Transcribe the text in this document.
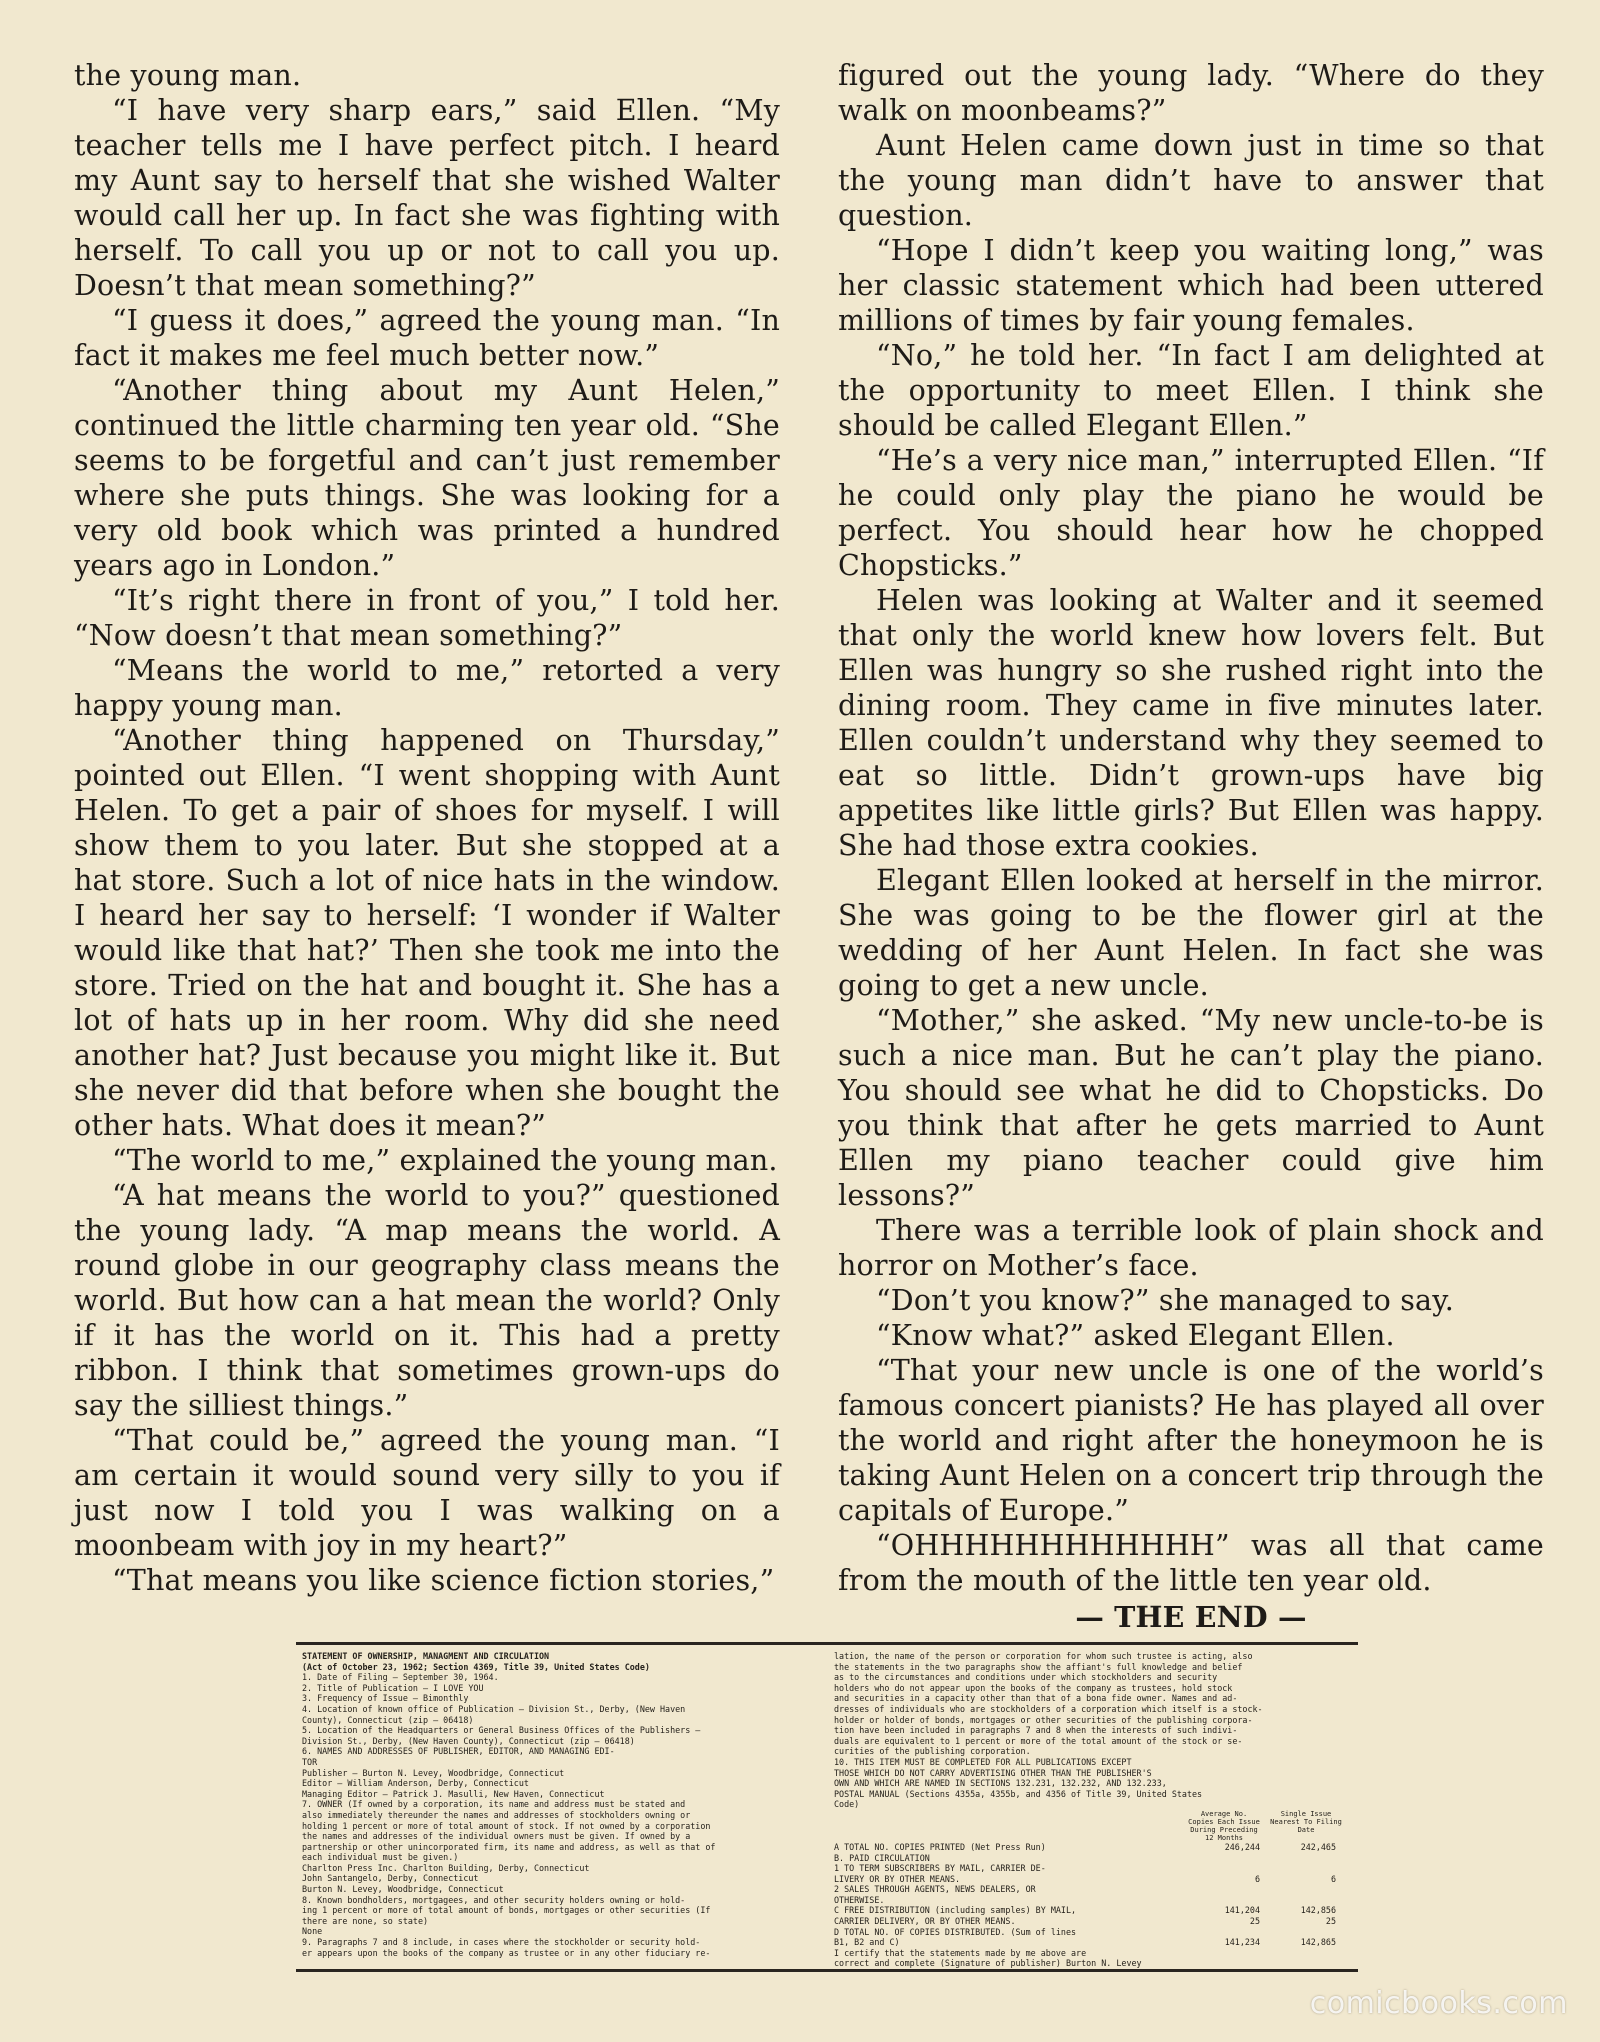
the young man.

“I have very sharp ears,” said Ellen. “My teacher tells me I have perfect pitch. I heard my Aunt say to herself that she wished Walter would call her up. In fact she was fighting with herself. To call you up or not to call you up. Doesn’t that mean something?”

“I guess it does,” agreed the young man. “In fact it makes me feel much better now.”

“Another thing about my Aunt Helen,” continued the little charming ten year old. “She seems to be forgetful and can’t just remember where she puts things. She was looking for a very old book which was printed a hundred years ago in London.”

“It’s right there in front of you,” I told her. “Now doesn’t that mean something?”

“Means the world to me,” retorted a very happy young man.

“Another thing happened on Thursday,” pointed out Ellen. “I went shopping with Aunt Helen. To get a pair of shoes for myself. I will show them to you later. But she stopped at a hat store. Such a lot of nice hats in the window. I heard her say to herself: ‘I wonder if Walter would like that hat?’ Then she took me into the store. Tried on the hat and bought it. She has a lot of hats up in her room. Why did she need another hat? Just because you might like it. But she never did that before when she bought the other hats. What does it mean?”

“The world to me,” explained the young man.

“A hat means the world to you?” questioned the young lady. “A map means the world. A round globe in our geography class means the world. But how can a hat mean the world? Only if it has the world on it. This had a pretty ribbon. I think that sometimes grown-ups do say the silliest things.”

“That could be,” agreed the young man. “I am certain it would sound very silly to you if just now I told you I was walking on a moonbeam with joy in my heart?”

“That means you like science fiction stories,”

figured out the young lady. “Where do they walk on moonbeams?”

Aunt Helen came down just in time so that the young man didn’t have to answer that question.

“Hope I didn’t keep you waiting long,” was her classic statement which had been uttered millions of times by fair young females.

“No,” he told her. “In fact I am delighted at the opportunity to meet Ellen. I think she should be called Elegant Ellen.”

“He’s a very nice man,” interrupted Ellen. “If he could only play the piano he would be perfect. You should hear how he chopped Chopsticks.”

Helen was looking at Walter and it seemed that only the world knew how lovers felt. But Ellen was hungry so she rushed right into the dining room. They came in five minutes later. Ellen couldn’t understand why they seemed to eat so little. Didn’t grown-ups have big appetites like little girls? But Ellen was happy. She had those extra cookies.

Elegant Ellen looked at herself in the mirror. She was going to be the flower girl at the wedding of her Aunt Helen. In fact she was going to get a new uncle.

“Mother,” she asked. “My new uncle-to-be is such a nice man. But he can’t play the piano. You should see what he did to Chopsticks. Do you think that after he gets married to Aunt Ellen my piano teacher could give him lessons?”

There was a terrible look of plain shock and horror on Mother’s face.

“Don’t you know?” she managed to say.

“Know what?” asked Elegant Ellen.

“That your new uncle is one of the world’s famous concert pianists? He has played all over the world and right after the honeymoon he is taking Aunt Helen on a concert trip through the capitals of Europe.”

“OHHHHHHHHHHHH” was all that came from the mouth of the little ten year old.

— THE END —

STATEMENT OF OWNERSHIP, MANAGMENT AND CIRCULATION
(Act of October 23, 1962; Section 4369, Title 39, United States Code)
1. Date of Filing — September 30, 1964.
2. Title of Publication — I LOVE YOU
3. Frequency of Issue — Bimonthly
4. Location of known office of Publication — Division St., Derby, (New Haven
County), Connecticut (zip — 06418)
5. Location of the Headquarters or General Business Offices of the Publishers —
Division St., Derby, (New Haven County), Connecticut (zip — 06418)
6. NAMES AND ADDRESSES OF PUBLISHER, EDITOR, AND MANAGING EDI-
TOR
Publisher — Burton N. Levey, Woodbridge, Connecticut
Editor — William Anderson, Derby, Connecticut
Managing Editor — Patrick J. Masulli, New Haven, Connecticut
7. OWNER (If owned by a corporation, its name and address must be stated and
also immediately thereunder the names and addresses of stockholders owning or
holding 1 percent or more of total amount of stock. If not owned by a corporation
the names and addresses of the individual owners must be given. If owned by a
partnership or other unincorporated firm, its name and address, as well as that of
each individual must be given.)
Charlton Press Inc. Charlton Building, Derby, Connecticut
John Santangelo, Derby, Connecticut
Burton N. Levey, Woodbridge, Connecticut
8. Known bondholders, mortgagees, and other security holders owning or hold-
ing 1 percent or more of total amount of bonds, mortgages or other securities (If
there are none, so state)
None
9. Paragraphs 7 and 8 include, in cases where the stockholder or security hold-
er appears upon the books of the company as trustee or in any other fiduciary re-
lation, the name of the person or corporation for whom such trustee is acting, also
the statements in the two paragraphs show the affiant's full knowledge and belief
as to the circumstances and conditions under which stockholders and security
holders who do not appear upon the books of the company as trustees, hold stock
and securities in a capacity other than that of a bona fide owner. Names and ad-
dresses of individuals who are stockholders of a corporation which itself is a stock-
holder or holder of bonds, mortgages or other securities of the publishing corpora-
tion have been included in paragraphs 7 and 8 when the interests of such indivi-
duals are equivalent to 1 percent or more of the total amount of the stock or se-
curities of the publishing corporation.
10. THIS ITEM MUST BE COMPLETED FOR ALL PUBLICATIONS EXCEPT
THOSE WHICH DO NOT CARRY ADVERTISING OTHER THAN THE PUBLISHER'S
OWN AND WHICH ARE NAMED IN SECTIONS 132.231, 132.232, AND 132.233,
POSTAL MANUAL (Sections 4355a, 4355b, and 4356 of Title 39, United States
Code)
Average No. Copies Each Issue During Preceding 12 Months
Single Issue Nearest To Filing Date
A TOTAL NO. COPIES PRINTED (Net Press Run)	246,244	242,465
B. PAID CIRCULATION
1 TO TERM SUBSCRIBERS BY MAIL, CARRIER DE-
LIVERY OR BY OTHER MEANS.	6	6
2 SALES THROUGH AGENTS, NEWS DEALERS, OR
OTHERWISE.
C FREE DISTRIBUTION (including samples) BY MAIL,	141,204	142,856
CARRIER DELIVERY, OR BY OTHER MEANS.	25	25
D TOTAL NO. OF COPIES DISTRIBUTED. (Sum of lines
B1, B2 and C)	141,234	142,865
I certify that the statements made by me above are
correct and complete (Signature of publisher) Burton N. Levey
comicbooks.com
